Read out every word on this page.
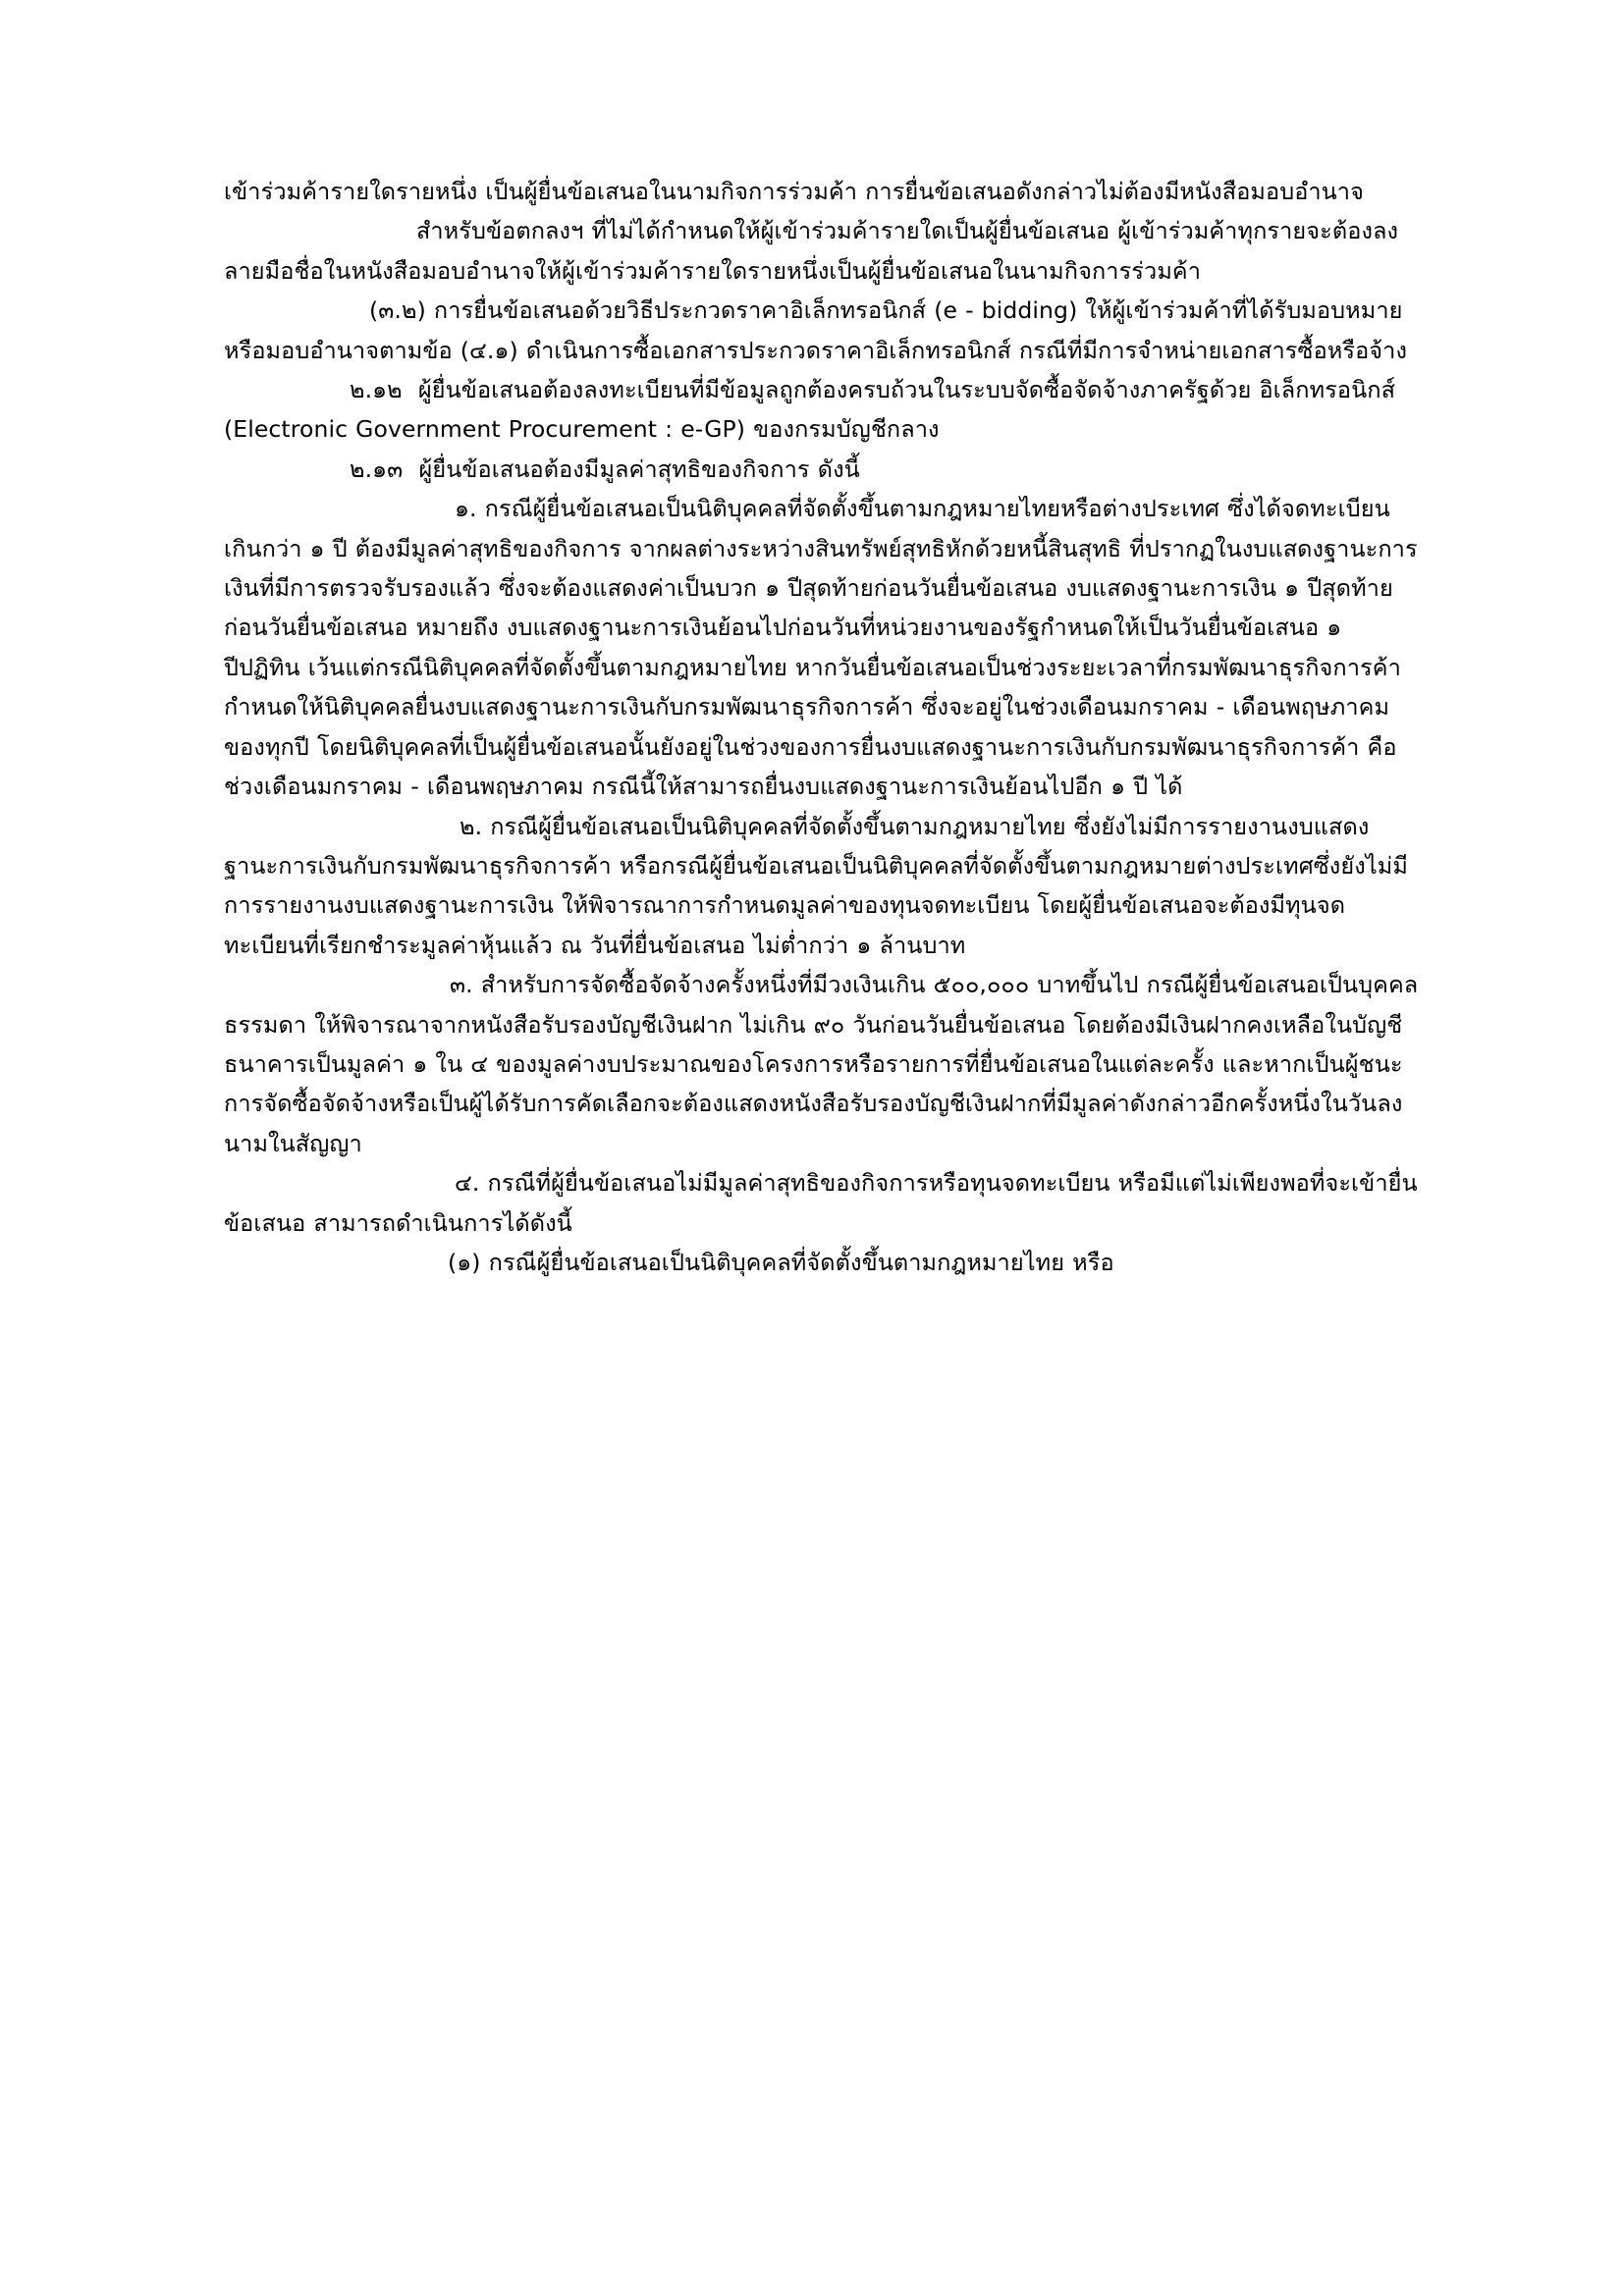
เข้าร่วมค้ารายใดรายหนึ่ง เป็นผู้ยื่นข้อเสนอในนามกิจการร่วมค้า การยื่นข้อเสนอดังกล่าวไม่ต้องมีหนังสือมอบอำนาจ

สำหรับข้อตกลงฯ ที่ไม่ได้กำหนดให้ผู้เข้าร่วมค้ารายใดเป็นผู้ยื่นข้อเสนอ ผู้เข้าร่วมค้าทุกรายจะต้องลงลายมือชื่อในหนังสือมอบอำนาจให้ผู้เข้าร่วมค้ารายใดรายหนึ่งเป็นผู้ยื่นข้อเสนอในนามกิจการร่วมค้า

(๓.๒) การยื่นข้อเสนอด้วยวิธีประกวดราคาอิเล็กทรอนิกส์ (e - bidding) ให้ผู้เข้าร่วมค้าที่ได้รับมอบหมายหรือมอบอำนาจตามข้อ (๔.๑) ดำเนินการซื้อเอกสารประกวดราคาอิเล็กทรอนิกส์ กรณีที่มีการจำหน่ายเอกสารซื้อหรือจ้าง

๒.๑๒  ผู้ยื่นข้อเสนอต้องลงทะเบียนที่มีข้อมูลถูกต้องครบถ้วนในระบบจัดซื้อจัดจ้างภาครัฐด้วย อิเล็กทรอนิกส์ (Electronic Government Procurement : e-GP) ของกรมบัญชีกลาง

๒.๑๓  ผู้ยื่นข้อเสนอต้องมีมูลค่าสุทธิของกิจการ ดังนี้

๑. กรณีผู้ยื่นข้อเสนอเป็นนิติบุคคลที่จัดตั้งขึ้นตามกฎหมายไทยหรือต่างประเทศ ซึ่งได้จดทะเบียนเกินกว่า ๑ ปี ต้องมีมูลค่าสุทธิของกิจการ จากผลต่างระหว่างสินทรัพย์สุทธิหักด้วยหนี้สินสุทธิ ที่ปรากฏในงบแสดงฐานะการเงินที่มีการตรวจรับรองแล้ว ซึ่งจะต้องแสดงค่าเป็นบวก ๑ ปีสุดท้ายก่อนวันยื่นข้อเสนอ งบแสดงฐานะการเงิน ๑ ปีสุดท้ายก่อนวันยื่นข้อเสนอ หมายถึง งบแสดงฐานะการเงินย้อนไปก่อนวันที่หน่วยงานของรัฐกำหนดให้เป็นวันยื่นข้อเสนอ ๑ ปีปฏิทิน เว้นแต่กรณีนิติบุคคลที่จัดตั้งขึ้นตามกฎหมายไทย หากวันยื่นข้อเสนอเป็นช่วงระยะเวลาที่กรมพัฒนาธุรกิจการค้ากำหนดให้นิติบุคคลยื่นงบแสดงฐานะการเงินกับกรมพัฒนาธุรกิจการค้า ซึ่งจะอยู่ในช่วงเดือนมกราคม - เดือนพฤษภาคม ของทุกปี โดยนิติบุคคลที่เป็นผู้ยื่นข้อเสนอนั้นยังอยู่ในช่วงของการยื่นงบแสดงฐานะการเงินกับกรมพัฒนาธุรกิจการค้า คือ ช่วงเดือนมกราคม - เดือนพฤษภาคม กรณีนี้ให้สามารถยื่นงบแสดงฐานะการเงินย้อนไปอีก ๑ ปี ได้

๒. กรณีผู้ยื่นข้อเสนอเป็นนิติบุคคลที่จัดตั้งขึ้นตามกฎหมายไทย ซึ่งยังไม่มีการรายงานงบแสดงฐานะการเงินกับกรมพัฒนาธุรกิจการค้า หรือกรณีผู้ยื่นข้อเสนอเป็นนิติบุคคลที่จัดตั้งขึ้นตามกฎหมายต่างประเทศซึ่งยังไม่มีการรายงานงบแสดงฐานะการเงิน ให้พิจารณาการกำหนดมูลค่าของทุนจดทะเบียน โดยผู้ยื่นข้อเสนอจะต้องมีทุนจดทะเบียนที่เรียกชำระมูลค่าหุ้นแล้ว ณ วันที่ยื่นข้อเสนอ ไม่ต่ำกว่า ๑ ล้านบาท

๓. สำหรับการจัดซื้อจัดจ้างครั้งหนึ่งที่มีวงเงินเกิน ๕๐๐,๐๐๐ บาทขึ้นไป กรณีผู้ยื่นข้อเสนอเป็นบุคคลธรรมดา ให้พิจารณาจากหนังสือรับรองบัญชีเงินฝาก ไม่เกิน ๙๐ วันก่อนวันยื่นข้อเสนอ โดยต้องมีเงินฝากคงเหลือในบัญชีธนาคารเป็นมูลค่า ๑ ใน ๔ ของมูลค่างบประมาณของโครงการหรือรายการที่ยื่นข้อเสนอในแต่ละครั้ง และหากเป็นผู้ชนะการจัดซื้อจัดจ้างหรือเป็นผู้ได้รับการคัดเลือกจะต้องแสดงหนังสือรับรองบัญชีเงินฝากที่มีมูลค่าดังกล่าวอีกครั้งหนึ่งในวันลงนามในสัญญา

๔. กรณีที่ผู้ยื่นข้อเสนอไม่มีมูลค่าสุทธิของกิจการหรือทุนจดทะเบียน หรือมีแต่ไม่เพียงพอที่จะเข้ายื่นข้อเสนอ สามารถดำเนินการได้ดังนี้

(๑) กรณีผู้ยื่นข้อเสนอเป็นนิติบุคคลที่จัดตั้งขึ้นตามกฎหมายไทย หรือ
